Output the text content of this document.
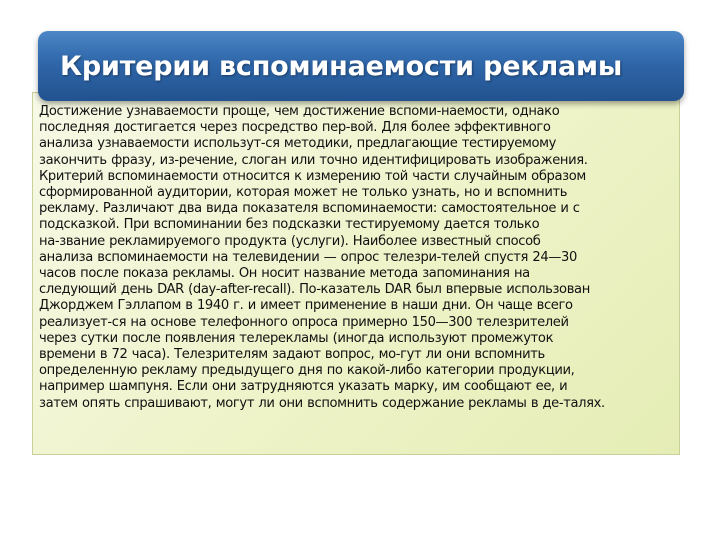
Критерии вспоминаемости рекламы

Достижение узнаваемости проще, чем достижение вспоми-наемости, однако
последняя достигается через посредство пер-вой. Для более эффективного
анализа узнаваемости использут-ся методики, предлагающие тестируемому
закончить фразу, из-речение, слоган или точно идентифицировать изображения.
Критерий вспоминаемости относится к измерению той части случайным образом
сформированной аудитории, которая может не только узнать, но и вспомнить
рекламу. Различают два вида показателя вспоминаемости: самостоятельное и с
подсказкой. При вспоминании без подсказки тестируемому дается только
на-звание рекламируемого продукта (услуги). Наиболее известный способ
анализа вспоминаемости на телевидении — опрос телезри-телей спустя 24—30
часов после показа рекламы. Он носит название метода запоминания на
следующий день DAR (day-after-recall). По-казатель DAR был впервые использован
Джорджем Гэллапом в 1940 г. и имеет применение в наши дни. Он чаще всего
реализует-ся на основе телефонного опроса примерно 150—300 телезрителей
через сутки после появления телерекламы (иногда используют промежуток
времени в 72 часа). Телезрителям задают вопрос, мо-гут ли они вспомнить
определенную рекламу предыдущего дня по какой-либо категории продукции,
например шампуня. Если они затрудняются указать марку, им сообщают ее, и
затем опять спрашивают, могут ли они вспомнить содержание рекламы в де-талях.
